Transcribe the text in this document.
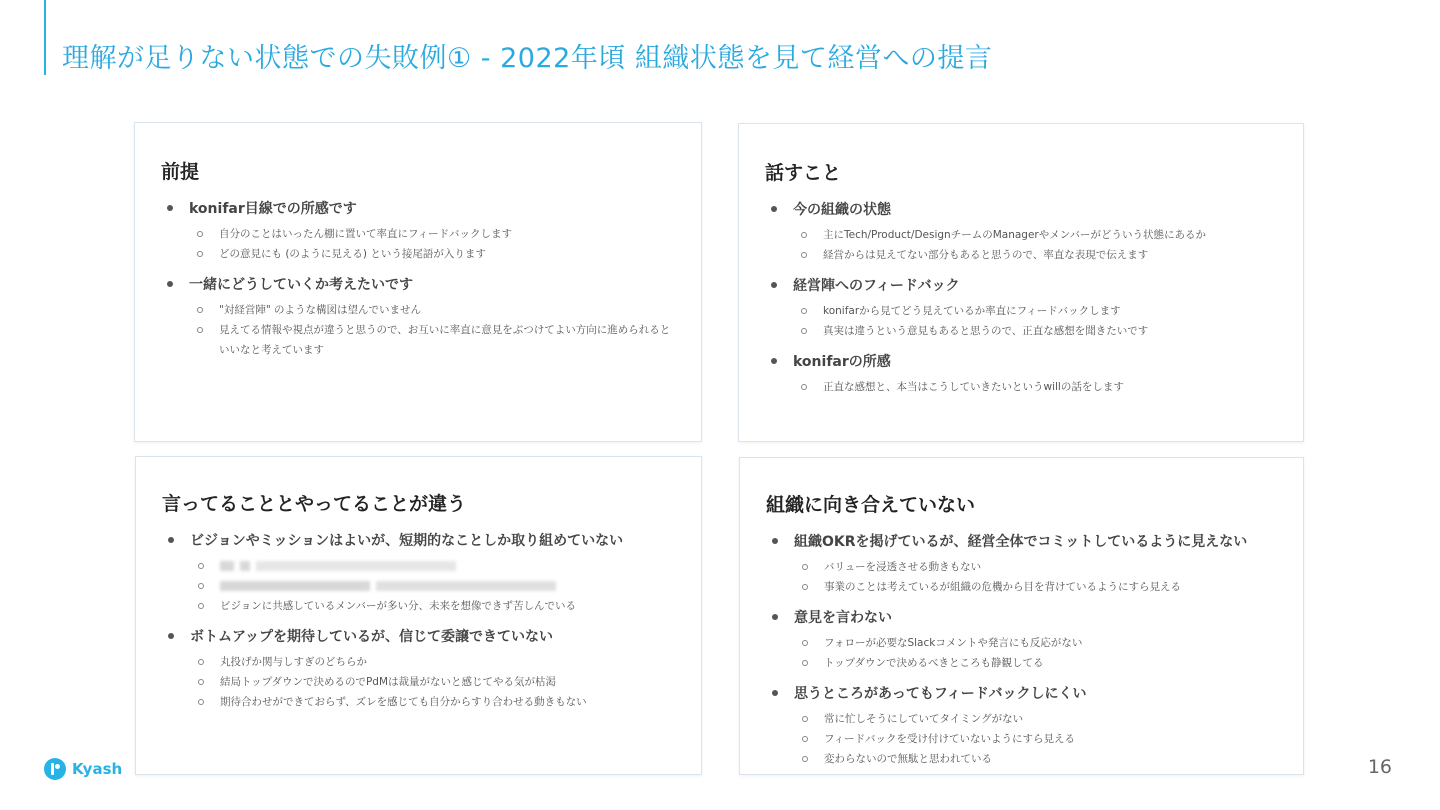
理解が足りない状態での失敗例① - 2022年頃 組織状態を見て経営への提言
前提
konifar目線での所感です
自分のことはいったん棚に置いて率直にフィードバックします
どの意見にも (のように見える) という接尾語が入ります
一緒にどうしていくか考えたいです
"対経営陣" のような構図は望んでいません
見えてる情報や視点が違うと思うので、お互いに率直に意見をぶつけてよい方向に進められるといいなと考えています
話すこと
今の組織の状態
主にTech/Product/DesignチームのManagerやメンバーがどういう状態にあるか
経営からは見えてない部分もあると思うので、率直な表現で伝えます
経営陣へのフィードバック
konifarから見てどう見えているか率直にフィードバックします
真実は違うという意見もあると思うので、正直な感想を聞きたいです
konifarの所感
正直な感想と、本当はこうしていきたいというwillの話をします
言ってることとやってることが違う
ビジョンやミッションはよいが、短期的なことしか取り組めていない
ビジョンに共感しているメンバーが多い分、未来を想像できず苦しんでいる
ボトムアップを期待しているが、信じて委譲できていない
丸投げか関与しすぎのどちらか
結局トップダウンで決めるのでPdMは裁量がないと感じてやる気が枯渇
期待合わせができておらず、ズレを感じても自分からすり合わせる動きもない
組織に向き合えていない
組織OKRを掲げているが、経営全体でコミットしているように見えない
バリューを浸透させる動きもない
事業のことは考えているが組織の危機から目を背けているようにすら見える
意見を言わない
フォローが必要なSlackコメントや発言にも反応がない
トップダウンで決めるべきところも静観してる
思うところがあってもフィードバックしにくい
常に忙しそうにしていてタイミングがない
フィードバックを受け付けていないようにすら見える
変わらないので無駄と思われている
Kyash	16
